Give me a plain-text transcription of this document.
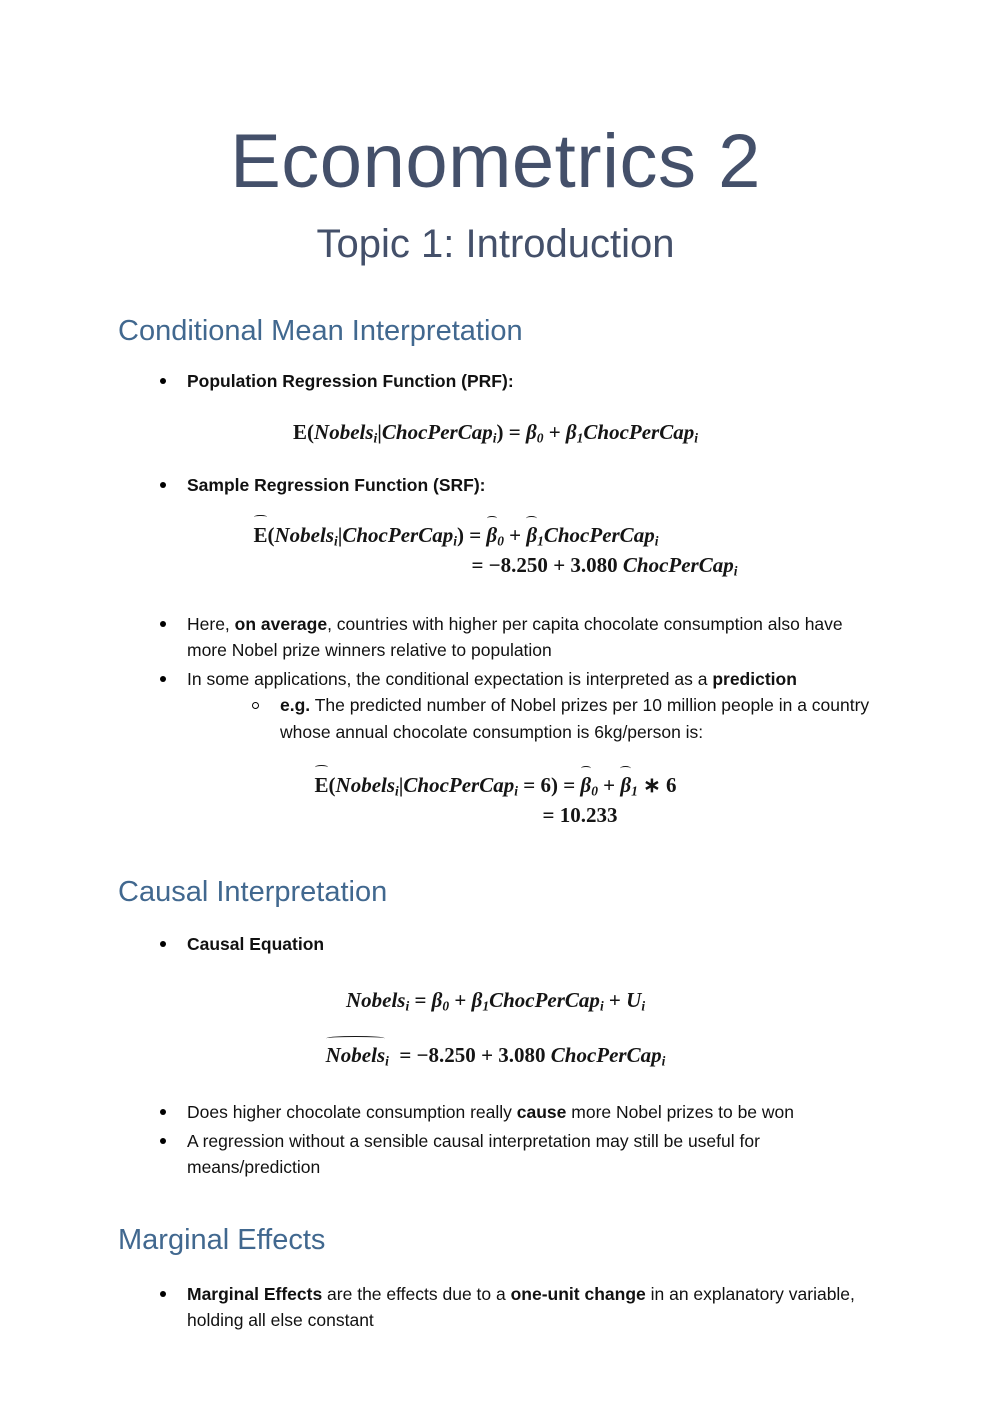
Econometrics 2
Topic 1: Introduction
Conditional Mean Interpretation
Population Regression Function (PRF):
E(Nobels$_i$|ChocPerCap$_i$) = $\beta_0$ + $\beta_1ChocPerCap_i$
Sample Regression Function (SRF):
E(Nobels$_i$|ChocPerCap$_i$) = $\beta_0$ + $\beta_1ChocPerCap_i$
= −8.250 + 3.080 ChocPerCap$_i$
Here, on average, countries with higher per capita chocolate consumption also have more Nobel prize winners relative to population
In some applications, the conditional expectation is interpreted as a prediction
e.g. The predicted number of Nobel prizes per 10 million people in a country whose annual chocolate consumption is 6kg/person is:
E(Nobels$_i$|ChocPerCap$_i$ = $6) = \beta_0 + \beta_1$ ∗ 6
= 10.233
Causal Interpretation
Causal Equation
Nobels$_i$ = $\beta_0$ + $\beta_1ChocPerCap_i + U_i$
Nobels$_i$ = −8.250 + 3.080 ChocPerCap$_i$
Does higher chocolate consumption really cause more Nobel prizes to be won
A regression without a sensible causal interpretation may still be useful for means/prediction
Marginal Effects
Marginal Effects are the effects due to a one-unit change in an explanatory variable, holding all else constant
